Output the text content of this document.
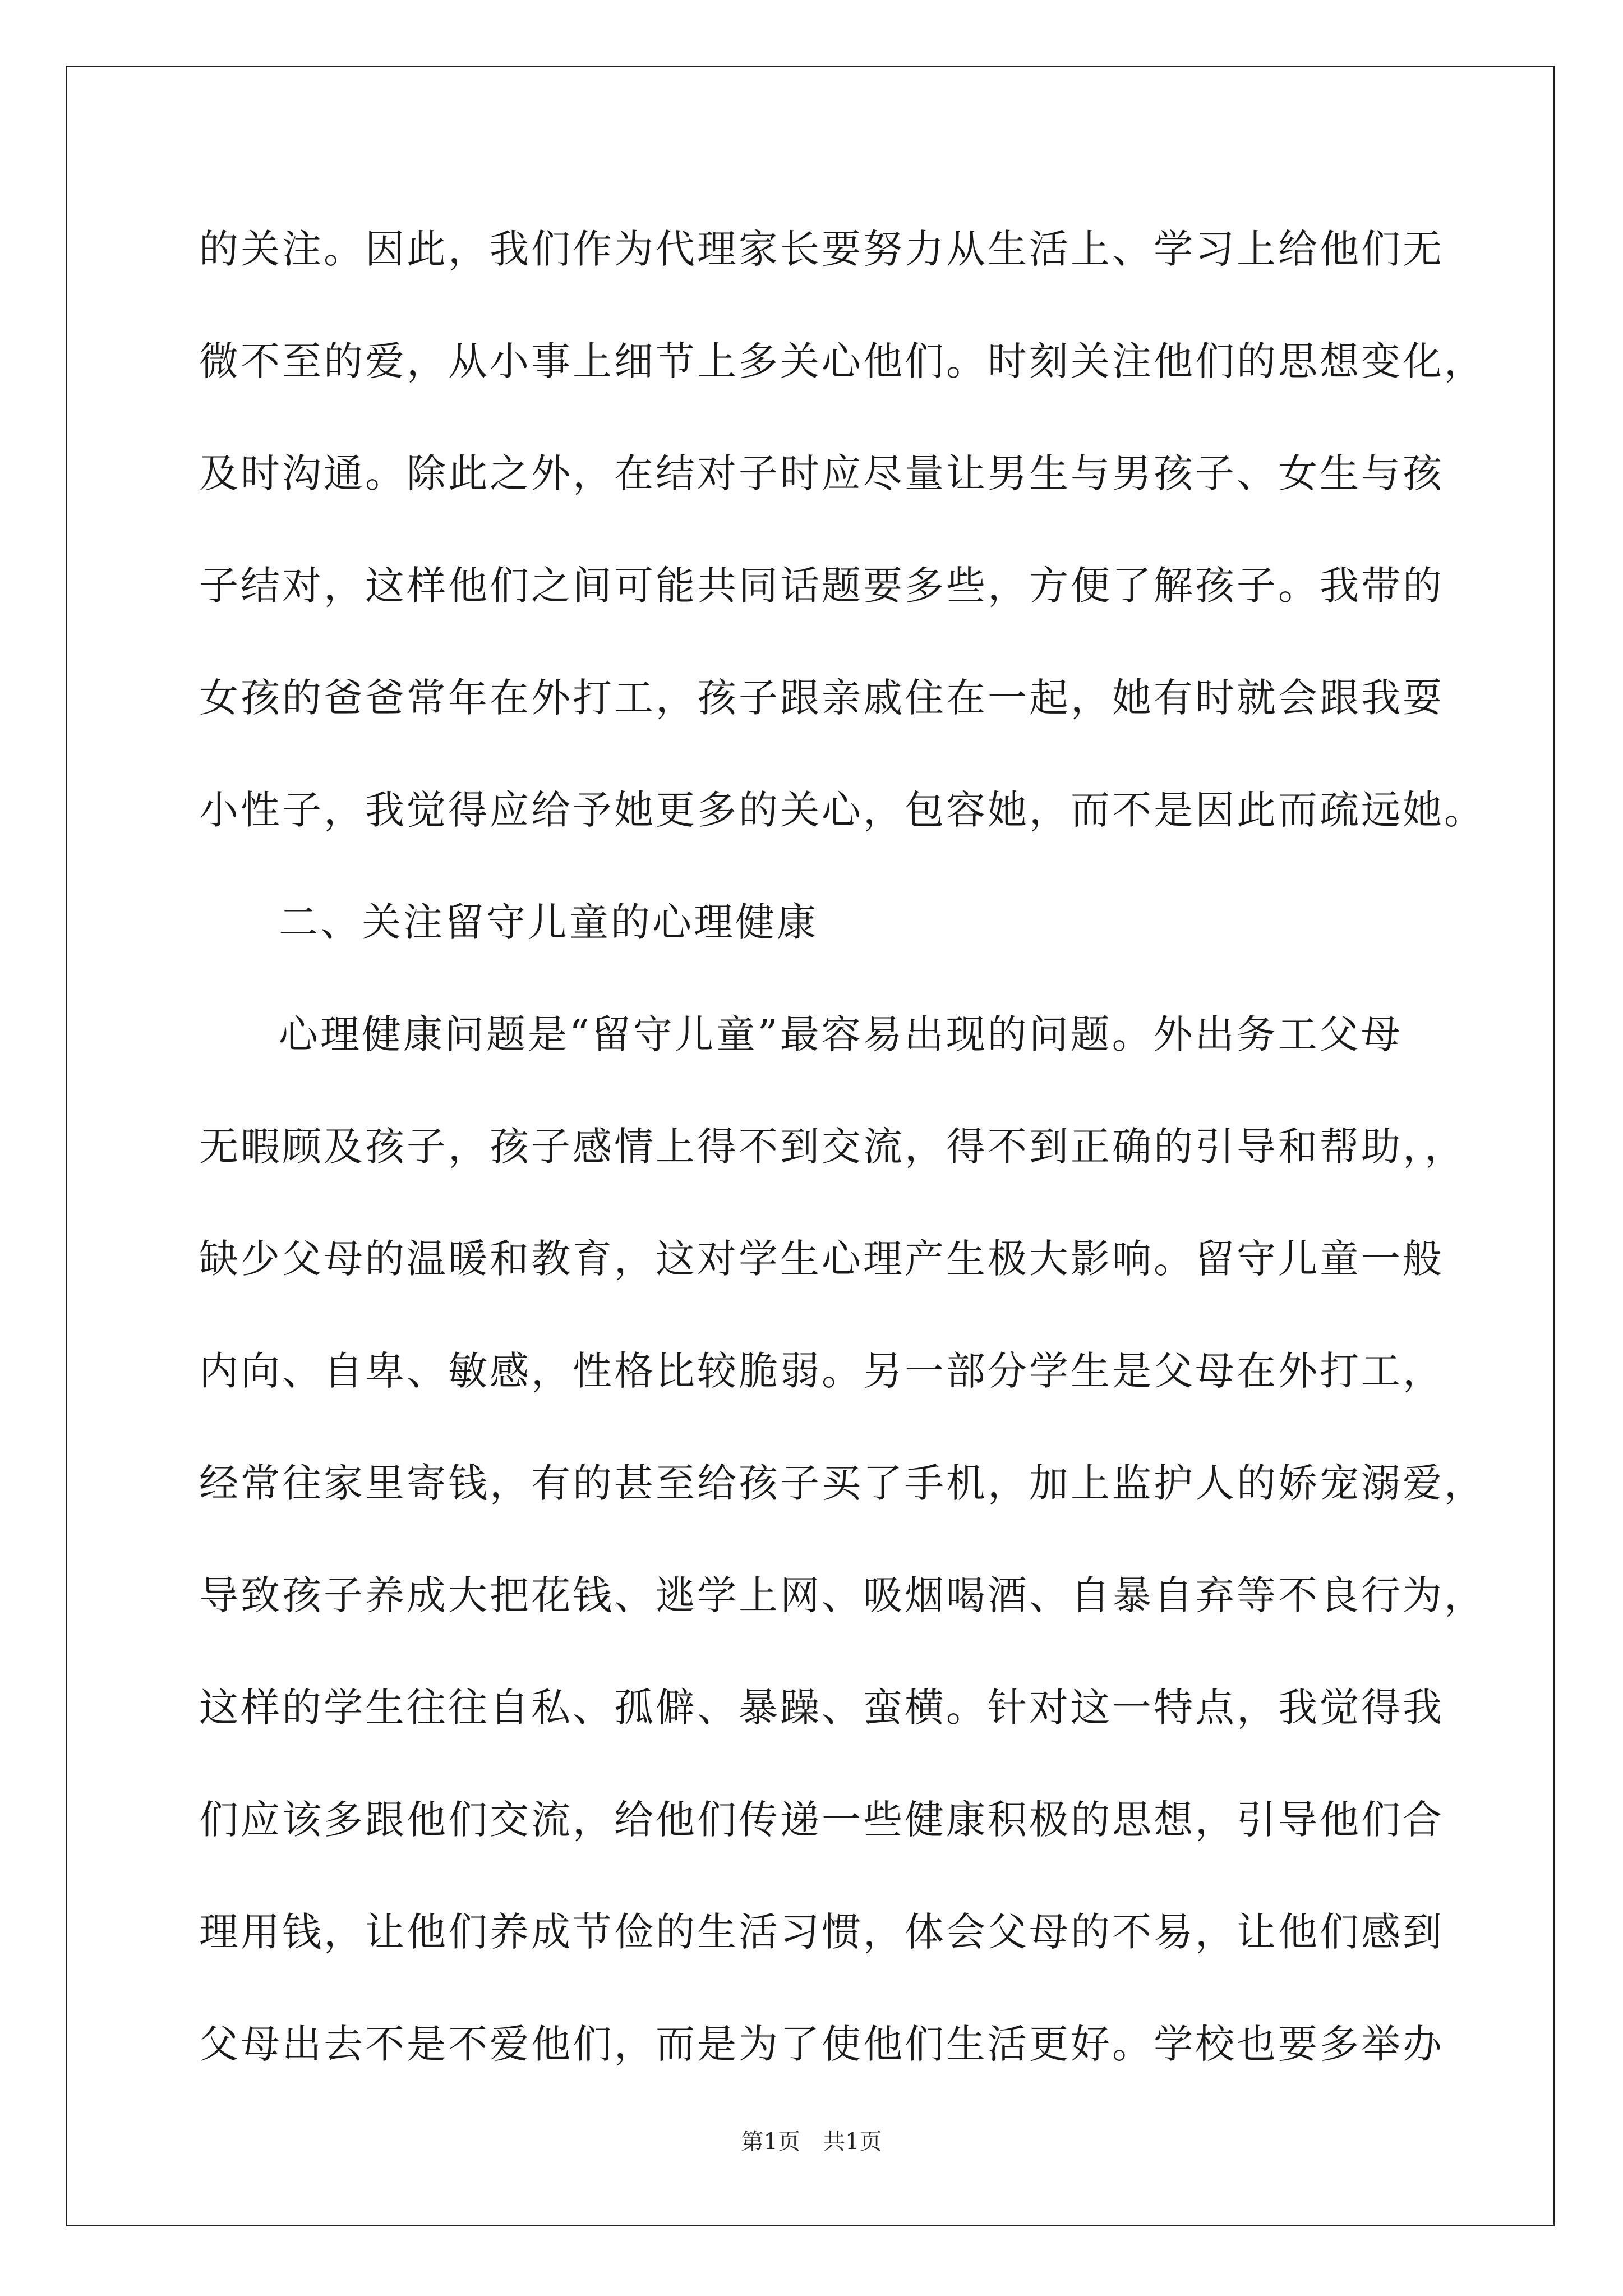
的关注。因此，我们作为代理家长要努力从生活上、学习上给他们无
微不至的爱，从小事上细节上多关心他们。时刻关注他们的思想变化，
及时沟通。除此之外，在结对子时应尽量让男生与男孩子、女生与孩
子结对，这样他们之间可能共同话题要多些，方便了解孩子。我带的
女孩的爸爸常年在外打工，孩子跟亲戚住在一起，她有时就会跟我耍
小性子，我觉得应给予她更多的关心，包容她，而不是因此而疏远她。
二、关注留守儿童的心理健康
心理健康问题是“留守儿童”最容易出现的问题。外出务工父母
无暇顾及孩子，孩子感情上得不到交流，得不到正确的引导和帮助，，
缺少父母的温暖和教育，这对学生心理产生极大影响。留守儿童一般
内向、自卑、敏感，性格比较脆弱。另一部分学生是父母在外打工，
经常往家里寄钱，有的甚至给孩子买了手机，加上监护人的娇宠溺爱，
导致孩子养成大把花钱、逃学上网、吸烟喝酒、自暴自弃等不良行为，
这样的学生往往自私、孤僻、暴躁、蛮横。针对这一特点，我觉得我
们应该多跟他们交流，给他们传递一些健康积极的思想，引导他们合
理用钱，让他们养成节俭的生活习惯，体会父母的不易，让他们感到
父母出去不是不爱他们，而是为了使他们生活更好。学校也要多举办
第1页　共1页
